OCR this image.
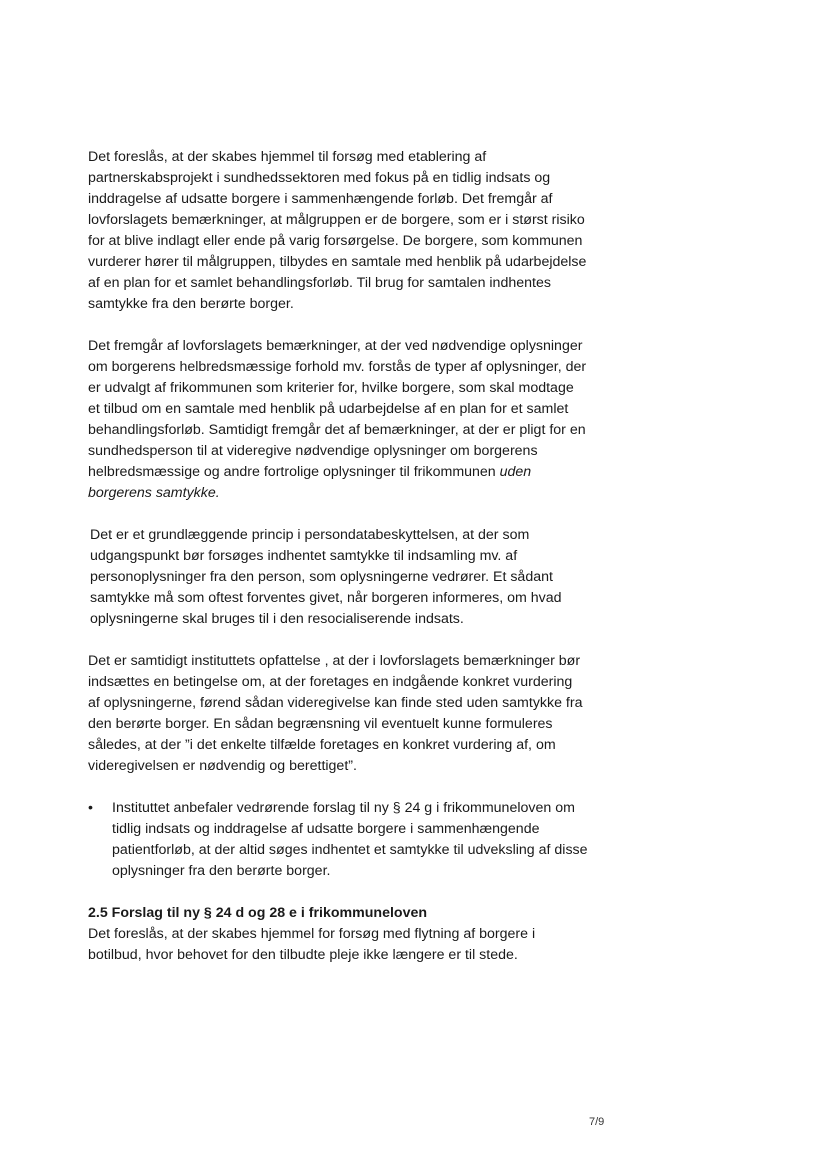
Det foreslås, at der skabes hjemmel til forsøg med etablering af partnerskabsprojekt i sundhedssektoren med fokus på en tidlig indsats og inddragelse af udsatte borgere i sammenhængende forløb. Det fremgår af lovforslagets bemærkninger, at målgruppen er de borgere, som er i størst risiko for at blive indlagt eller ende på varig forsørgelse. De borgere, som kommunen vurderer hører til målgruppen, tilbydes en samtale med henblik på udarbejdelse af en plan for et samlet behandlingsforløb. Til brug for samtalen indhentes samtykke fra den berørte borger.

Det fremgår af lovforslagets bemærkninger, at der ved nødvendige oplysninger om borgerens helbredsmæssige forhold mv. forstås de typer af oplysninger, der er udvalgt af frikommunen som kriterier for, hvilke borgere, som skal modtage et tilbud om en samtale med henblik på udarbejdelse af en plan for et samlet behandlingsforløb. Samtidigt fremgår det af bemærkninger, at der er pligt for en sundhedsperson til at videregive nødvendige oplysninger om borgerens helbredsmæssige og andre fortrolige oplysninger til frikommunen uden borgerens samtykke.

Det er et grundlæggende princip i persondatabeskyttelsen, at der som udgangspunkt bør forsøges indhentet samtykke til indsamling mv. af personoplysninger fra den person, som oplysningerne vedrører. Et sådant samtykke må som oftest forventes givet, når borgeren informeres, om hvad oplysningerne skal bruges til i den resocialiserende indsats.

Det er samtidigt instituttets opfattelse , at der i lovforslagets bemærkninger bør indsættes en betingelse om, at der foretages en indgående konkret vurdering af oplysningerne, førend sådan videregivelse kan finde sted uden samtykke fra den berørte borger. En sådan begrænsning vil eventuelt kunne formuleres således, at der ”i det enkelte tilfælde foretages en konkret vurdering af, om videregivelsen er nødvendig og berettiget”.

•	Instituttet anbefaler vedrørende forslag til ny § 24 g i frikommuneloven om tidlig indsats og inddragelse af udsatte borgere i sammenhængende patientforløb, at der altid søges indhentet et samtykke til udveksling af disse oplysninger fra den berørte borger.

2.5 Forslag til ny § 24 d og 28 e i frikommuneloven

Det foreslås, at der skabes hjemmel for forsøg med flytning af borgere i botilbud, hvor behovet for den tilbudte pleje ikke længere er til stede.

7/9
